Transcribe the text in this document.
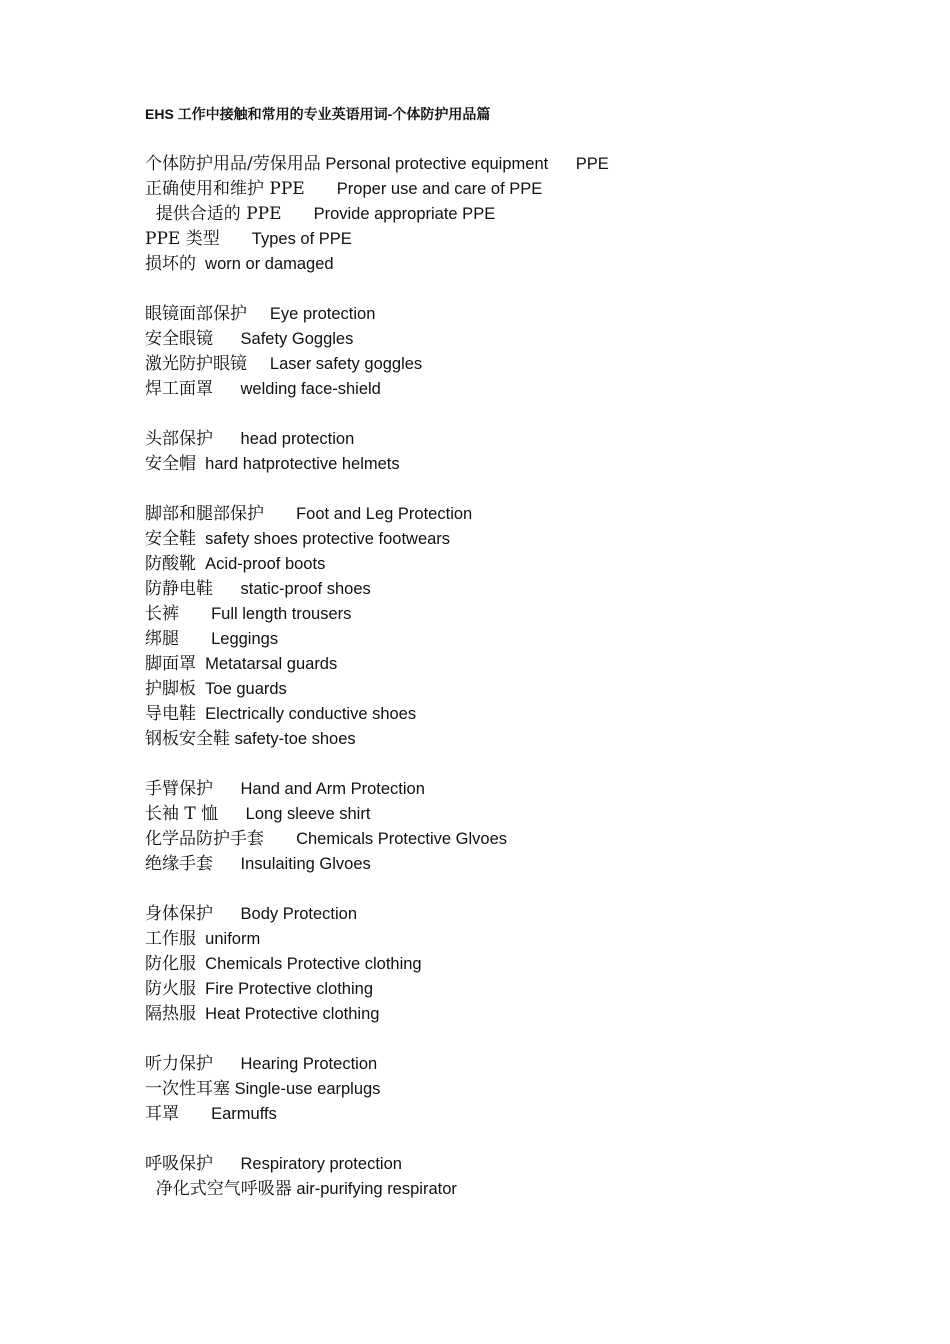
EHS 工作中接触和常用的专业英语用词-个体防护用品篇
个体防护用品/劳保用品 Personal protective equipment      PPE
正确使用和维护 PPE Proper use and care of PPE
提供合适的 PPE Provide appropriate PPE
PPE 类型 Types of PPE
损坏的 worn or damaged
眼镜面部保护 Eye protection
安全眼镜 Safety Goggles
激光防护眼镜 Laser safety goggles
焊工面罩 welding face-shield
头部保护 head protection
安全帽 hard hatprotective helmets
脚部和腿部保护 Foot and Leg Protection
安全鞋 safety shoes protective footwears
防酸靴 Acid-proof boots
防静电鞋 static-proof shoes
长裤 Full length trousers
绑腿 Leggings
脚面罩 Metatarsal guards
护脚板 Toe guards
导电鞋 Electrically conductive shoes
钢板安全鞋 safety-toe shoes
手臂保护 Hand and Arm Protection
长袖 T 恤 Long sleeve shirt
化学品防护手套 Chemicals Protective Glvoes
绝缘手套 Insulaiting Glvoes
身体保护 Body Protection
工作服 uniform
防化服 Chemicals Protective clothing
防火服 Fire Protective clothing
隔热服 Heat Protective clothing
听力保护 Hearing Protection
一次性耳塞 Single-use earplugs
耳罩 Earmuffs
呼吸保护 Respiratory protection
净化式空气呼吸器 air-purifying respirator
